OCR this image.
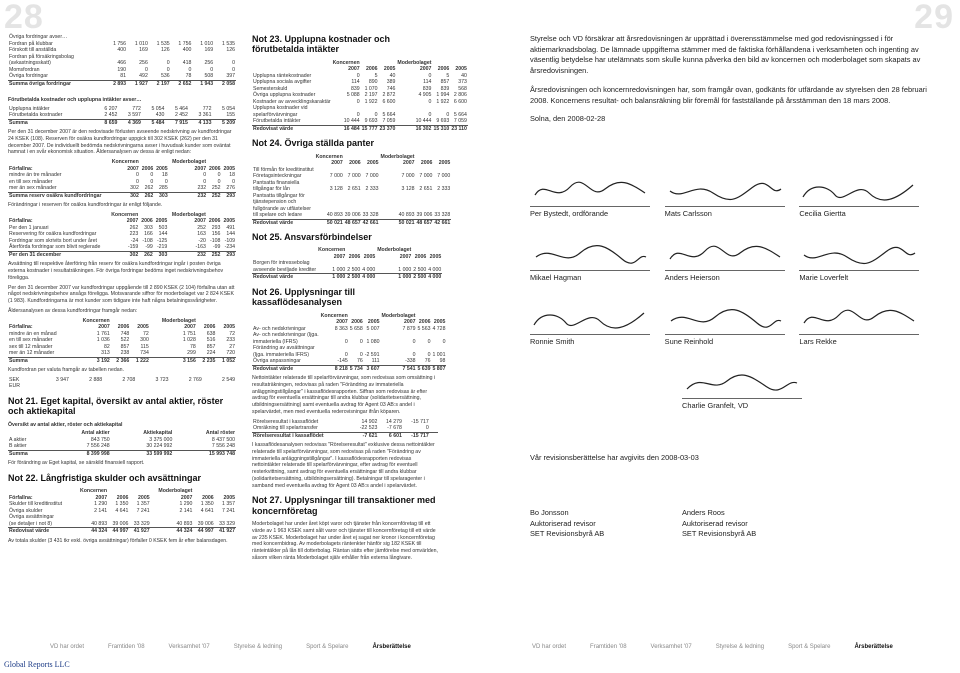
28	29
Övriga fordringar avser…						
Fordran på klubbar	1 756	1 010	1 535	1 756	1 010	1 535
Förskott till anställda	400	169	126	400	169	126
Fordran på försäkringsbolag						
(avkastningsskatt)	466	256	0	418	256	0
Momsfordran	190	0	0	0	0	0
Övriga fordringar	81	492	536	78	508	397
Summa övriga fordringar	2 893	1 927	2 197	2 652	1 943	2 058
Förutbetalda kostnader och upplupna intäkter avser…
Upplupna intäkter	6 207	772	5 054	5 464	772	5 054
Förutbetalda kostnader	2 452	3 597	430	2 452	3 361	155
Summa	8 659	4 369	5 484	7 915	4 133	5 209

Per den 31 december 2007 är den redovisade förlusten avseende nedskrivning av kundfordringar 24 KSEK (108). Reserven för osäkra kundfordringar uppgick till 302 KSEK (262) per den 31 december 2007. De individuellt bedömda nedskrivningarna avser i huvudsak kunder som oväntat hamnat i en svår ekonomisk situation. Åldersanalysen av dessa är enligt nedan:

	Koncernen			Moderbolaget		
Förfallna:	2007	2006	2005	2007	2006	2005
mindre än tre månader	0	0	18	0	0	18
en till sex månader	0	0	0	0	0	0
mer än sex månader	302	262	285	232	252	276
Summa reserv osäkra kundfordringar	302	262	303	232	252	293

Förändringar i reserven för osäkra kundfordringar är enligt följande.

	Koncernen			Moderbolaget		
Förfallna:	2007	2006	2005	2007	2006	2005
Per den 1 januari	262	303	503	252	293	491
Reservering för osäkra kundfordringar	223	166	144	163	156	144
Fordringar som skrivits bort under året	-24	-108	-125	-20	-108	-109
Återförda fordringar som blivit reglerade	-159	-99	-219	-163	-99	-234
Per den 31 december	302	262	303	232	252	293

Avsättning till respektive återföring från reserv för osäkra kundfordringar ingår i posten övriga externa kostnader i resultaträkningen. För övriga fordringar bedöms inget nedskrivningsbehov föreligga.

Per den 31 december 2007 var kundfordringar uppgående till 2 890 KSEK (2 104) förfallna utan att något nedskrivningsbehov ansågs föreligga. Motsvarande siffror för moderbolaget var 2 824 KSEK (1 983). Kundfordringarna är mot kunder som tidigare inte haft några betalningssvårigheter.

Åldersanalysen av dessa kundfordringar framgår nedan:

	Koncernen			Moderbolaget		
Förfallna:	2007	2006	2005	2007	2006	2005
mindre än en månad	1 761	748	72	1 751	638	72
en till sex månader	1 036	522	300	1 028	516	233
sex till 12 månader	82	857	115	78	857	27
mer än 12 månader	313	238	734	299	224	720
Summa	3 192	2 366	1 222	3 156	2 235	1 052

Kundfordran per valuta framgår av tabellen nedan.

SEK	3 947	2 888	2 708	3 723	2 769	2 549
EUR						
Not 21. Eget kapital, översikt av antal aktier, röster och aktiekapital
Översikt av antal aktier, röster och aktiekapital
	Antal aktier	Aktiekapital	Antal röster
A aktier	843 750	3 375 000	8 437 500
B aktier	7 556 248	30 224 992	7 556 248
Summa	8 399 998	33 599 992	15 993 748

För förändring av Eget kapital, se särskild finansiell rapport.

Not 22. Långfristiga skulder och avsättningar
	Koncernen			Moderbolaget		
Förfallna:	2007	2006	2005	2007	2006	2005
Skulder till kreditinstitut	1 290	1 350	1 357	1 290	1 350	1 357
Övriga skulder	2 141	4 641	7 241	2 141	4 641	7 241
Övriga avsättningar						
(se detaljer i not 8)	40 893	39 006	33 329	40 893	39 006	33 329
Redovisat värde	44 324	44 997	41 927	44 324	44 997	41 927

Av totala skulder (3 431 tkr exkl. övriga avsättningar) förfaller 0 KSEK fem år efter balansdagen.

Not 23. Upplupna kostnader och förutbetalda intäkter
	Koncernen			Moderbolaget		
	2007	2006	2005	2007	2006	2005
Upplupna räntekostnader	0	5	40	0	5	40
Upplupna sociala avgifter	114	890	389	114	857	373
Semesterskuld	839	1 070	746	839	839	568
Övriga upplupna kostnader	5 088	2 197	2 872	4 905	1 994	2 806
Kostnader av avvecklingskaraktär	0	1 922	6 600	0	1 922	6 600
Upplupna kostnader vid						
spelarförvärvningar	0	0	5 664	0	0	5 664
Förutbetalda intäkter	10 444	9 693	7 059	10 444	9 693	7 059
Redovisat värde	16 484	15 777	23 370	16 302	15 310	23 110
Not 24. Övriga ställda panter
	Koncernen			Moderbolaget		
	2007	2006	2005	2007	2006	2005
Till förmån för kreditinstitut						
Företagsinteckningar	7 000	7 000	7 000	7 000	7 000	7 000
Pantsatta finansiella						
tillgångar för lån	3 128	2 651	2 333	3 128	2 651	2 333
Pantsatta tillgångar för						
tjänstepension och						
fullgörande av utfästelser						
till spelare och ledare	40 893	39 006	33 328	40 893	39 006	33 328
Redovisat värde	50 021	48 657	42 661	50 021	48 657	42 661
Not 25. Ansvarsförbindelser
	Koncernen			Moderbolaget		
	2007	2006	2005	2007	2006	2005
Borgen för intressebolag						
avseende beviljade krediter	1 000	2 500	4 000	1 000	2 500	4 000
Redovisat värde	1 000	2 500	4 000	1 000	2 500	4 000
Not 26. Upplysningar till kassaflödesanalysen
	Koncernen			Moderbolaget		
	2007	2006	2005	2007	2006	2005
Av- och nedskrivningar	8 363	5 658	5 007	7 879	5 563	4 728
Av- och nedskrivningar (Ijga.						
immateriella (IFRS)	0	0	1 080	0	0	0
Förändring av avsättningar						
(Ijga. immateriella IFRS)	0	0	-2 591	0	0	1 001
Övriga anpassningar	-145	76	111	-338	76	98
Redovisat värde	8 218	5 734	3 607	7 541	5 639	5 807

Nettointäkter relaterade till spelarförvärvningar, som redovisas som omsättning i resultaträkningen, redovisas på raden "Förändring av immateriella anläggningstillgångar" i kassaflödesrapporten. Siffran som redovisas är efter avdrag för eventuella ersättningar till andra klubbar (solidaritetsersättning, utbildningsersättning) samt eventuella avdrag för Agent 03 AB:s andel i spelarvärdet, men med eventuella rederovisningar ifrån köparen.

Rörelseresultat i kassaflödet	14 902	14 279	-15 717			
Omräkning till spelartransfer	-22 523	-7 678	0			
Rörelseresultat i kassaflödet	-7 621	6 601	-15 717			

I kassaflödesanalysen redovisas "Rörelseresultat" exklusive dessa nettointäkter relaterade till spelarförvärvningar, som redovisas på raden "Förändring av immateriella anläggningstillgångar". I kassaflödesrapporten redovisas nettointäkter relaterade till spelarförvärvningar, efter avdrag för eventuell resterkvittning, samt avdrag för eventuella ersättningar till andra klubbar (solidaritetsersättning, utbildningsersättning). Betalningar till spelaragenter i samband med eventuella avdrag för Agent 03 AB:s andel i spelarvärdet.

Not 27. Upplysningar till transaktioner med koncernföretag

Moderbolaget har under året köpt varor och tjänster från koncernföretag till ett värde av 1 963 KSEK samt sålt varor och tjänster till koncernföretag till ett värde av 235 KSEK. Moderbolaget har under året ej sagat ner kronor i koncernföretag med koncernbidrag. Av moderbolagets räntenkter hänför sig 182 KSEK till ränteintäkter på lån till dotterbolag. Räntan sätts efter jämförelse med omvärlden, såsom vilken ränta Moderbolaget själv erhåller från externa långivare.

Styrelse och VD försäkrar att årsredovisningen är upprättad i överensstämmelse med god redovisningssed i för aktiemarknadsbolag. De lämnade uppgifterna stämmer med de faktiska förhållandena i verksamheten och ingenting av väsentlig betydelse har utelämnats som skulle kunna påverka den bild av koncernen och moderbolaget som skapats av årsredovisningen.

Årsredovisningen och koncernredovisningen har, som framgår ovan, godkänts för utfärdande av styrelsen den 28 februari 2008. Koncernens resultat- och balansräkning blir föremål för fastställande på årsstämman den 18 mars 2008.

Solna, den 2008-02-28

Per Bystedt, ordförande	Mats Carlsson	Cecilia Giertta
Mikael Hagman	Anders Heierson	Marie Loverfelt
Ronnie Smith	Sune Reinhold	Lars Rekke
Charlie Granfelt, VD

Vår revisionsberättelse har avgivits den 2008-03-03

Bo Jonsson
Auktoriserad revisor
SET Revisionsbyrå AB
Anders Roos
Auktoriserad revisor
SET Revisionsbyrå AB
VD har ordet	Framtiden '08	Verksamhet '07	Styrelse & ledning	Sport & Spelare	Årsberättelse	VD har ordet	Framtiden '08	Verksamhet '07	Styrelse & ledning	Sport & Spelare	Årsberättelse
Global Reports LLC
